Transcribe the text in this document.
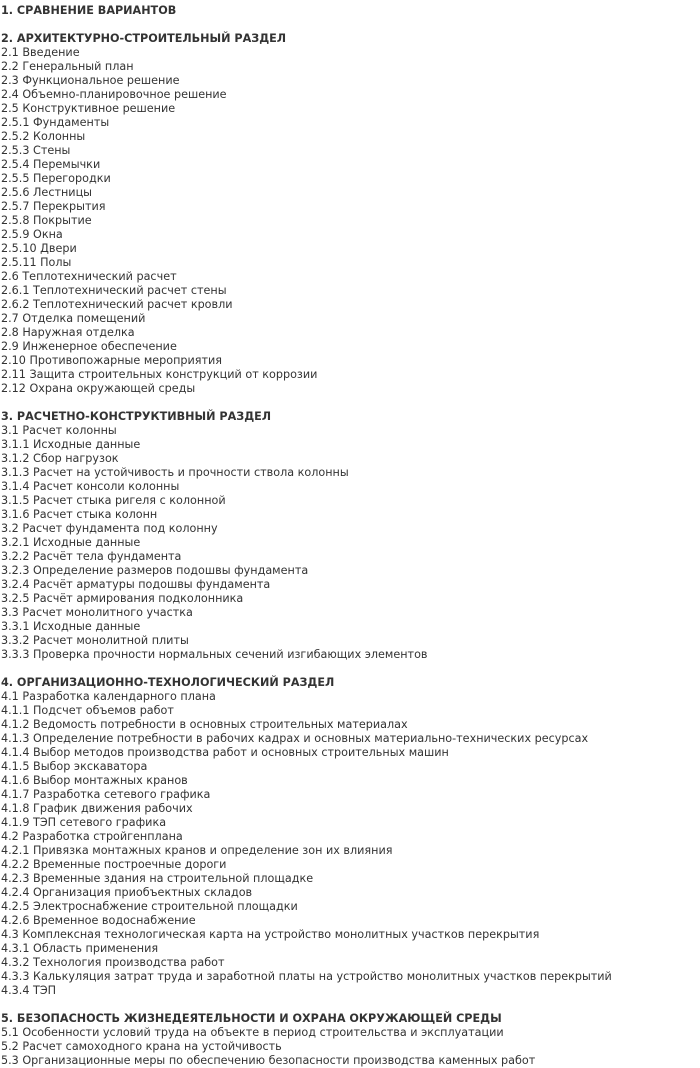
1. СРАВНЕНИЕ ВАРИАНТОВ
2. АРХИТЕКТУРНО-СТРОИТЕЛЬНЫЙ РАЗДЕЛ
2.1 Введение
2.2 Генеральный план
2.3 Функциональное решение
2.4 Объемно-планировочное решение
2.5 Конструктивное решение
2.5.1 Фундаменты
2.5.2 Колонны
2.5.3 Стены
2.5.4 Перемычки
2.5.5 Перегородки
2.5.6 Лестницы
2.5.7 Перекрытия
2.5.8 Покрытие
2.5.9 Окна
2.5.10 Двери
2.5.11 Полы
2.6 Теплотехнический расчет
2.6.1 Теплотехнический расчет стены
2.6.2 Теплотехнический расчет кровли
2.7 Отделка помещений
2.8 Наружная отделка
2.9 Инженерное обеспечение
2.10 Противопожарные мероприятия
2.11 Защита строительных конструкций от коррозии
2.12 Охрана окружающей среды
3. РАСЧЕТНО-КОНСТРУКТИВНЫЙ РАЗДЕЛ
3.1 Расчет колонны
3.1.1 Исходные данные
3.1.2 Сбор нагрузок
3.1.3 Расчет на устойчивость и прочности ствола колонны
3.1.4 Расчет консоли колонны
3.1.5 Расчет стыка ригеля с колонной
3.1.6 Расчет стыка колонн
3.2 Расчет фундамента под колонну
3.2.1 Исходные данные
3.2.2 Расчёт тела фундамента
3.2.3 Определение размеров подошвы фундамента
3.2.4 Расчёт арматуры подошвы фундамента
3.2.5 Расчёт армирования подколонника
3.3 Расчет монолитного участка
3.3.1 Исходные данные
3.3.2 Расчет монолитной плиты
3.3.3 Проверка прочности нормальных сечений изгибающих элементов
4. ОРГАНИЗАЦИОННО-ТЕХНОЛОГИЧЕСКИЙ РАЗДЕЛ
4.1 Разработка календарного плана
4.1.1 Подсчет объемов работ
4.1.2 Ведомость потребности в основных строительных материалах
4.1.3 Определение потребности в рабочих кадрах и основных материально-технических ресурсах
4.1.4 Выбор методов производства работ и основных строительных машин
4.1.5 Выбор экскаватора
4.1.6 Выбор монтажных кранов
4.1.7 Разработка сетевого графика
4.1.8 График движения рабочих
4.1.9 ТЭП сетевого графика
4.2 Разработка стройгенплана
4.2.1 Привязка монтажных кранов и определение зон их влияния
4.2.2 Временные построечные дороги
4.2.3 Временные здания на строительной площадке
4.2.4 Организация приобъектных складов
4.2.5 Электроснабжение строительной площадки
4.2.6 Временное водоснабжение
4.3 Комплексная технологическая карта на устройство монолитных участков перекрытия
4.3.1 Область применения
4.3.2 Технология производства работ
4.3.3 Калькуляция затрат труда и заработной платы на устройство монолитных участков перекрытий
4.3.4 ТЭП
5. БЕЗОПАСНОСТЬ ЖИЗНЕДЕЯТЕЛЬНОСТИ И ОХРАНА ОКРУЖАЮЩЕЙ СРЕДЫ
5.1 Особенности условий труда на объекте в период строительства и эксплуатации
5.2 Расчет самоходного крана на устойчивость
5.3 Организационные меры по обеспечению безопасности производства каменных работ
